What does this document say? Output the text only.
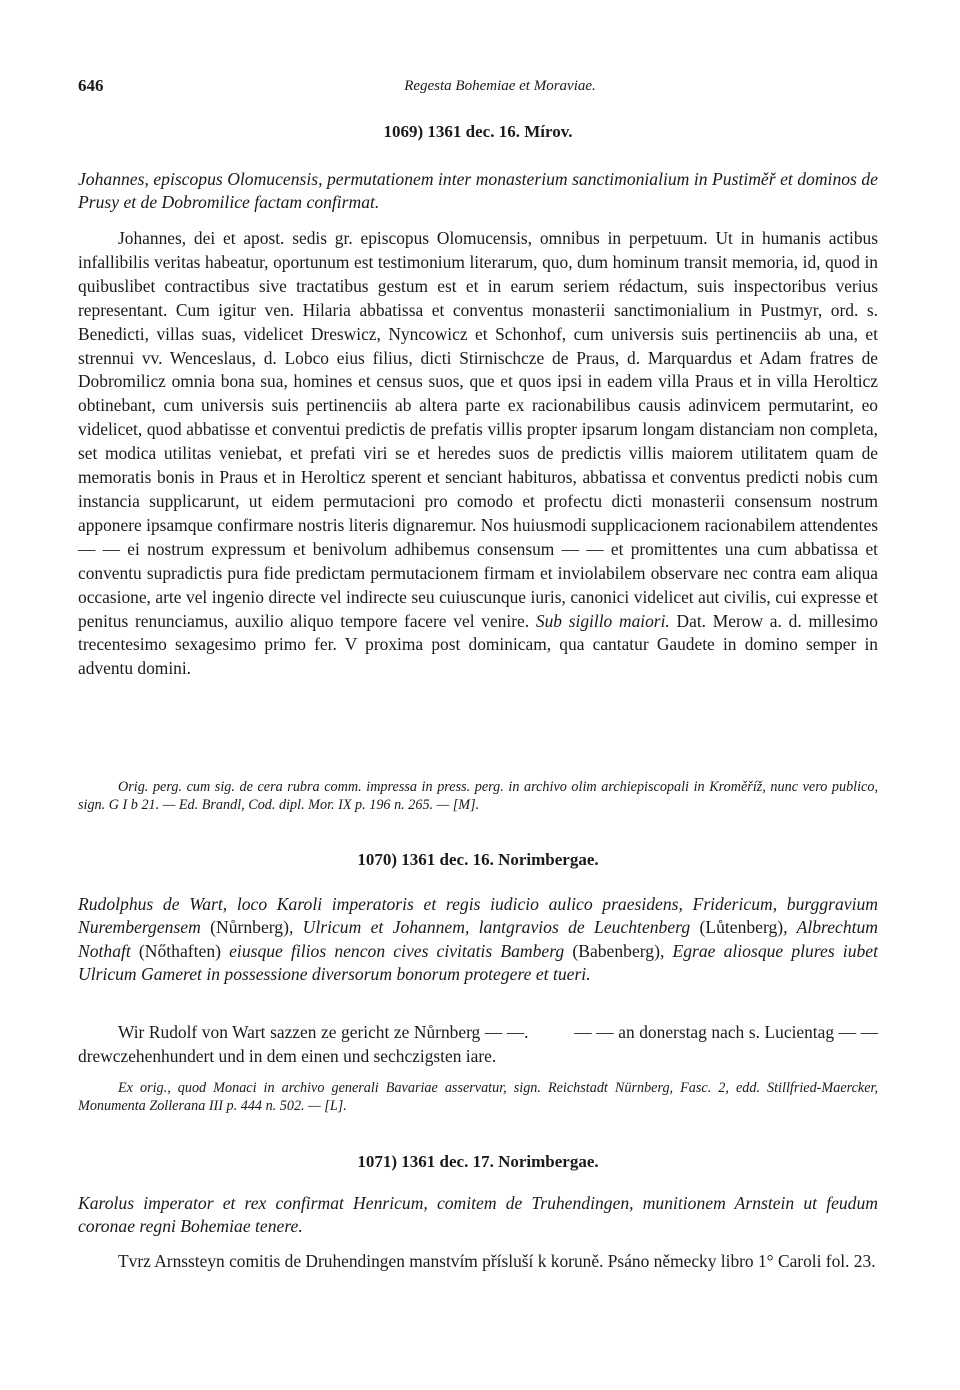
646	Regesta Bohemiae et Moraviae.
1069) 1361 dec. 16. Mírov.

Johannes, episcopus Olomucensis, permutationem inter monasterium sanctimonialium in Pustiměř et dominos de Prusy et de Dobromilice factam confirmat.

Johannes, dei et apost. sedis gr. episcopus Olomucensis, omnibus in perpetuum. Ut in humanis actibus infallibilis veritas habeatur, oportunum est testimonium literarum, quo, dum hominum transit memoria, id, quod in quibuslibet contractibus sive tractatibus gestum est et in earum seriem rédactum, suis inspectoribus verius representant. Cum igitur ven. Hilaria abbatissa et conventus monasterii sanctimonialium in Pustmyr, ord. s. Benedicti, villas suas, videlicet Dreswicz, Nyncowicz et Schonhof, cum universis suis pertinenciis ab una, et strennui vv. Wenceslaus, d. Lobco eius filius, dicti Stirnischcze de Praus, d. Marquardus et Adam fratres de Dobromilicz omnia bona sua, homines et census suos, que et quos ipsi in eadem villa Praus et in villa Herolticz obtinebant, cum universis suis pertinenciis ab altera parte ex racionabilibus causis adinvicem permutarint, eo videlicet, quod abbatisse et conventui predictis de prefatis villis propter ipsarum longam distanciam non completa, set modica utilitas veniebat, et prefati viri se et heredes suos de predictis villis maiorem utilitatem quam de memoratis bonis in Praus et in Herolticz sperent et senciant habituros, abbatissa et conventus predicti nobis cum instancia supplicarunt, ut eidem permutacioni pro comodo et profectu dicti monasterii consensum nostrum apponere ipsamque confirmare nostris literis dignaremur. Nos huiusmodi supplicacionem racionabilem attendentes — — ei nostrum expressum et benivolum adhibemus consensum — — et promittentes una cum abbatissa et conventu supradictis pura fide predictam permutacionem firmam et inviolabilem observare nec contra eam aliqua occasione, arte vel ingenio directe vel indirecte seu cuiuscunque iuris, canonici videlicet aut civilis, cui expresse et penitus renunciamus, auxilio aliquo tempore facere vel venire. Sub sigillo maiori. Dat. Merow a. d. millesimo trecentesimo sexagesimo primo fer. V proxima post dominicam, qua cantatur Gaudete in domino semper in adventu domini.

Orig. perg. cum sig. de cera rubra comm. impressa in press. perg. in archivo olim archiepiscopali in Kroměříž, nunc vero publico, sign. G I b 21. — Ed. Brandl, Cod. dipl. Mor. IX p. 196 n. 265. — [M].

1070) 1361 dec. 16. Norimbergae.

Rudolphus de Wart, loco Karoli imperatoris et regis iudicio aulico praesidens, Fridericum, burggravium Nurembergensem (Nůrnberg), Ulricum et Johannem, lantgravios de Leuchtenberg (Lůtenberg), Albrechtum Nothaft (Nőthaften) eiusque filios nencon cives civitatis Bamberg (Babenberg), Egrae aliosque plures iubet Ulricum Gameret in possessione diversorum bonorum protegere et tueri.

Wir Rudolf von Wart sazzen ze gericht ze Nůrnberg — —.          — — an donerstag nach s. Lucientag — — drewczehenhundert und in dem einen und sechczigsten iare.

Ex orig., quod Monaci in archivo generali Bavariae asservatur, sign. Reichstadt Nürnberg, Fasc. 2, edd. Stillfried-Maercker, Monumenta Zollerana III p. 444 n. 502. — [L].

1071) 1361 dec. 17. Norimbergae.

Karolus imperator et rex confirmat Henricum, comitem de Truhendingen, munitionem Arnstein ut feudum coronae regni Bohemiae tenere.

Tvrz Arnssteyn comitis de Druhendingen manstvím přísluší k koruně. Psáno německy libro 1° Caroli fol. 23.
